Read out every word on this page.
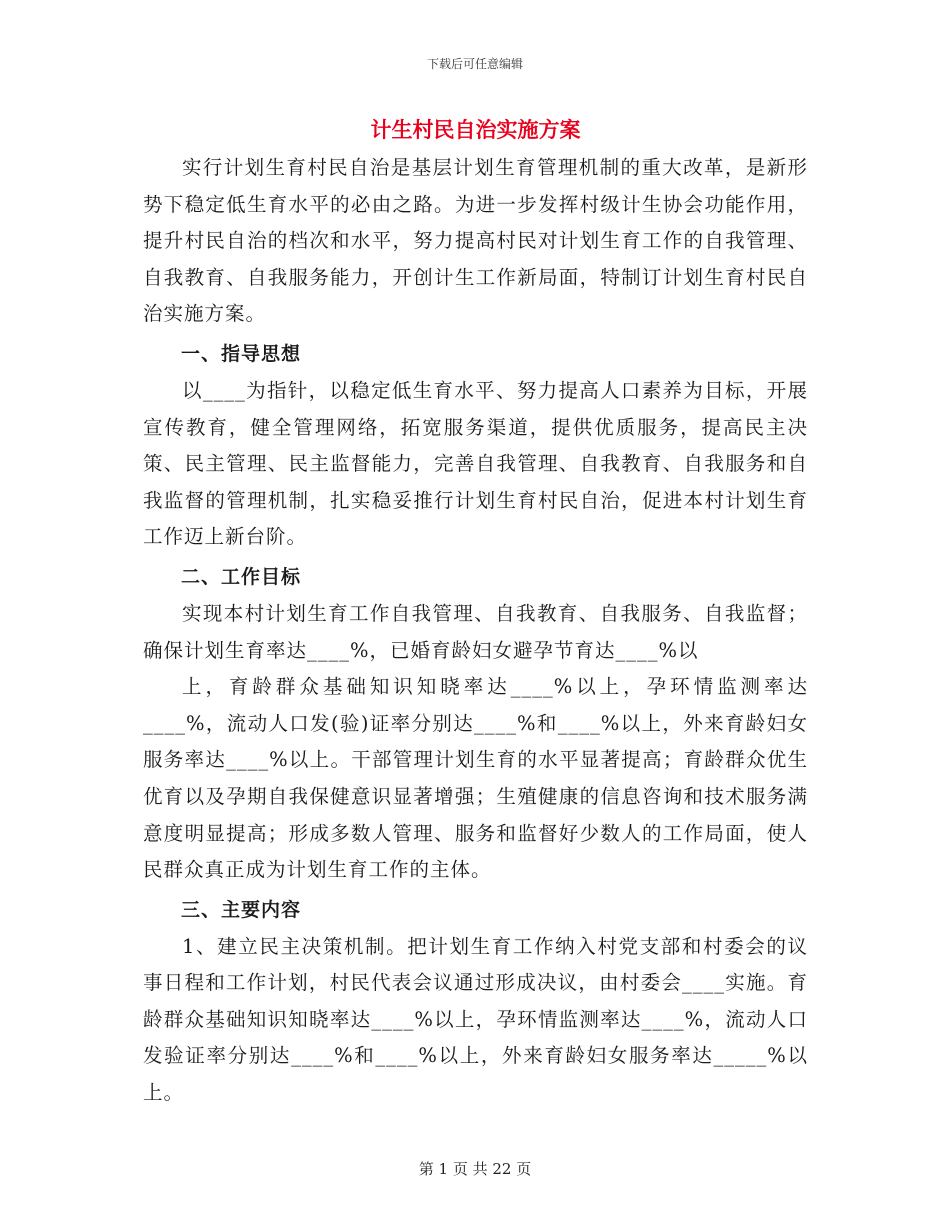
下载后可任意编辑
计生村民自治实施方案

实行计划生育村民自治是基层计划生育管理机制的重大改革，是新形势下稳定低生育水平的必由之路。为进一步发挥村级计生协会功能作用，提升村民自治的档次和水平，努力提高村民对计划生育工作的自我管理、自我教育、自我服务能力，开创计生工作新局面，特制订计划生育村民自治实施方案。

一、指导思想

以____为指针，以稳定低生育水平、努力提高人口素养为目标，开展宣传教育，健全管理网络，拓宽服务渠道，提供优质服务，提高民主决策、民主管理、民主监督能力，完善自我管理、自我教育、自我服务和自我监督的管理机制，扎实稳妥推行计划生育村民自治，促进本村计划生育工作迈上新台阶。

二、工作目标

实现本村计划生育工作自我管理、自我教育、自我服务、自我监督；确保计划生育率达____%，已婚育龄妇女避孕节育达____%以

上，育龄群众基础知识知晓率达____%以上，孕环情监测率达____%，流动人口发(验)证率分别达____%和____%以上，外来育龄妇女服务率达____%以上。干部管理计划生育的水平显著提高；育龄群众优生优育以及孕期自我保健意识显著增强；生殖健康的信息咨询和技术服务满意度明显提高；形成多数人管理、服务和监督好少数人的工作局面，使人民群众真正成为计划生育工作的主体。

三、主要内容

1、建立民主决策机制。把计划生育工作纳入村党支部和村委会的议事日程和工作计划，村民代表会议通过形成决议，由村委会____实施。育龄群众基础知识知晓率达____%以上，孕环情监测率达____%，流动人口发验证率分别达____%和____%以上，外来育龄妇女服务率达_____%以上。

第 1 页 共 22 页
